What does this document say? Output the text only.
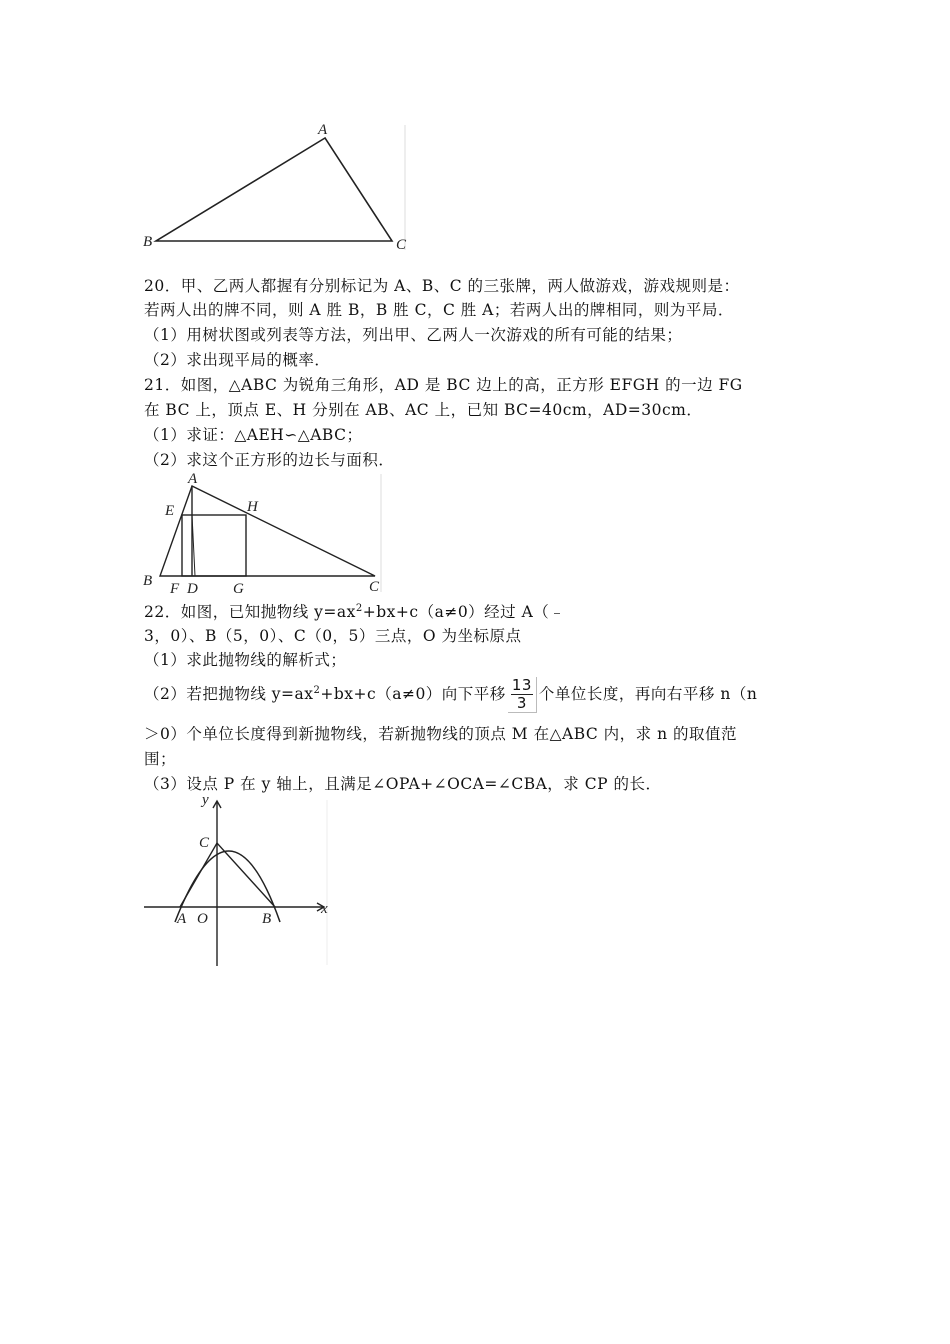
A
B	C
20．甲、乙两人都握有分别标记为 A、B、C 的三张牌，两人做游戏，游戏规则是：
若两人出的牌不同，则 A 胜 B，B 胜 C，C 胜 A；若两人出的牌相同，则为平局．
（1）用树状图或列表等方法，列出甲、乙两人一次游戏的所有可能的结果；
（2）求出现平局的概率．
21．如图，△ABC 为锐角三角形，AD 是 BC 边上的高，正方形 EFGH 的一边 FG
在 BC 上，顶点 E、H 分别在 AB、AC 上，已知 BC=40cm，AD=30cm．
（1）求证：△AEH∽△ABC；
（2）求这个正方形的边长与面积．
A
E	H
B F D G	C
22．如图，已知抛物线 $y=ax^2+bx+c(a\ne 0)$经过 A（﹣
3，0）、B（5，0）、C（0，5）三点，O 为坐标原点
（1）求此抛物线的解析式；
（2）若把抛物线 $y=ax^2+bx+c(a\ne 0)$向下平移 $\frac{13}{3}$ 个单位长度，再向右平移 n（n
＞0）个单位长度得到新抛物线，若新抛物线的顶点 M 在△ABC 内，求 n 的取值范
围；
（3）设点 P 在 y 轴上，且满足∠OPA+∠OCA=∠CBA，求 CP 的长．
y
x
C
A O	B
